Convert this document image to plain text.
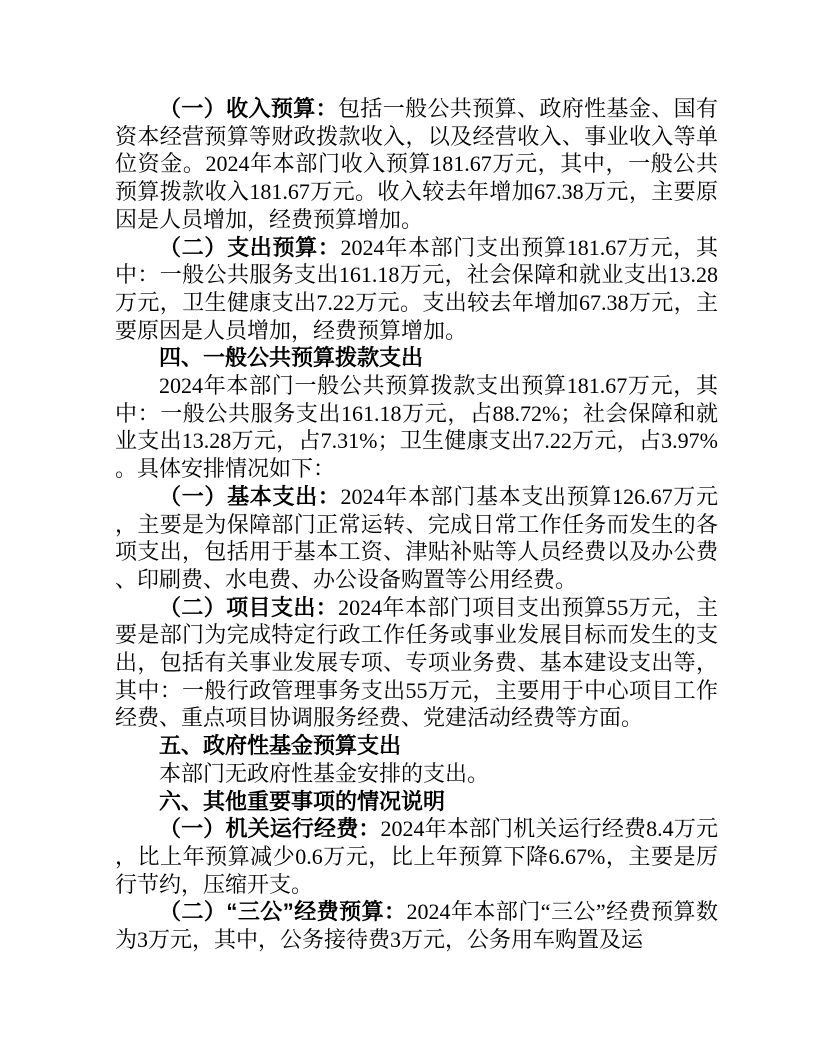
（一）收入预算：包括一般公共预算、政府性基金、国有资本经营预算等财政拨款收入，以及经营收入、事业收入等单位资金。2024年本部门收入预算181.67万元，其中，一般公共预算拨款收入181.67万元。收入较去年增加67.38万元，主要原因是人员增加，经费预算增加。

（二）支出预算：2024年本部门支出预算181.67万元，其中：一般公共服务支出161.18万元，社会保障和就业支出13.28万元，卫生健康支出7.22万元。支出较去年增加67.38万元，主要原因是人员增加，经费预算增加。

四、一般公共预算拨款支出

2024年本部门一般公共预算拨款支出预算181.67万元，其中：一般公共服务支出161.18万元，占88.72%；社会保障和就业支出13.28万元，占7.31%；卫生健康支出7.22万元，占3.97%。具体安排情况如下：

（一）基本支出：2024年本部门基本支出预算126.67万元，主要是为保障部门正常运转、完成日常工作任务而发生的各项支出，包括用于基本工资、津贴补贴等人员经费以及办公费、印刷费、水电费、办公设备购置等公用经费。

（二）项目支出：2024年本部门项目支出预算55万元，主要是部门为完成特定行政工作任务或事业发展目标而发生的支出，包括有关事业发展专项、专项业务费、基本建设支出等，其中：一般行政管理事务支出55万元，主要用于中心项目工作经费、重点项目协调服务经费、党建活动经费等方面。

五、政府性基金预算支出

本部门无政府性基金安排的支出。

六、其他重要事项的情况说明

（一）机关运行经费：2024年本部门机关运行经费8.4万元，比上年预算减少0.6万元，比上年预算下降6.67%，主要是厉行节约，压缩开支。

（二）“三公”经费预算：2024年本部门“三公”经费预算数为3万元，其中，公务接待费3万元，公务用车购置及运
